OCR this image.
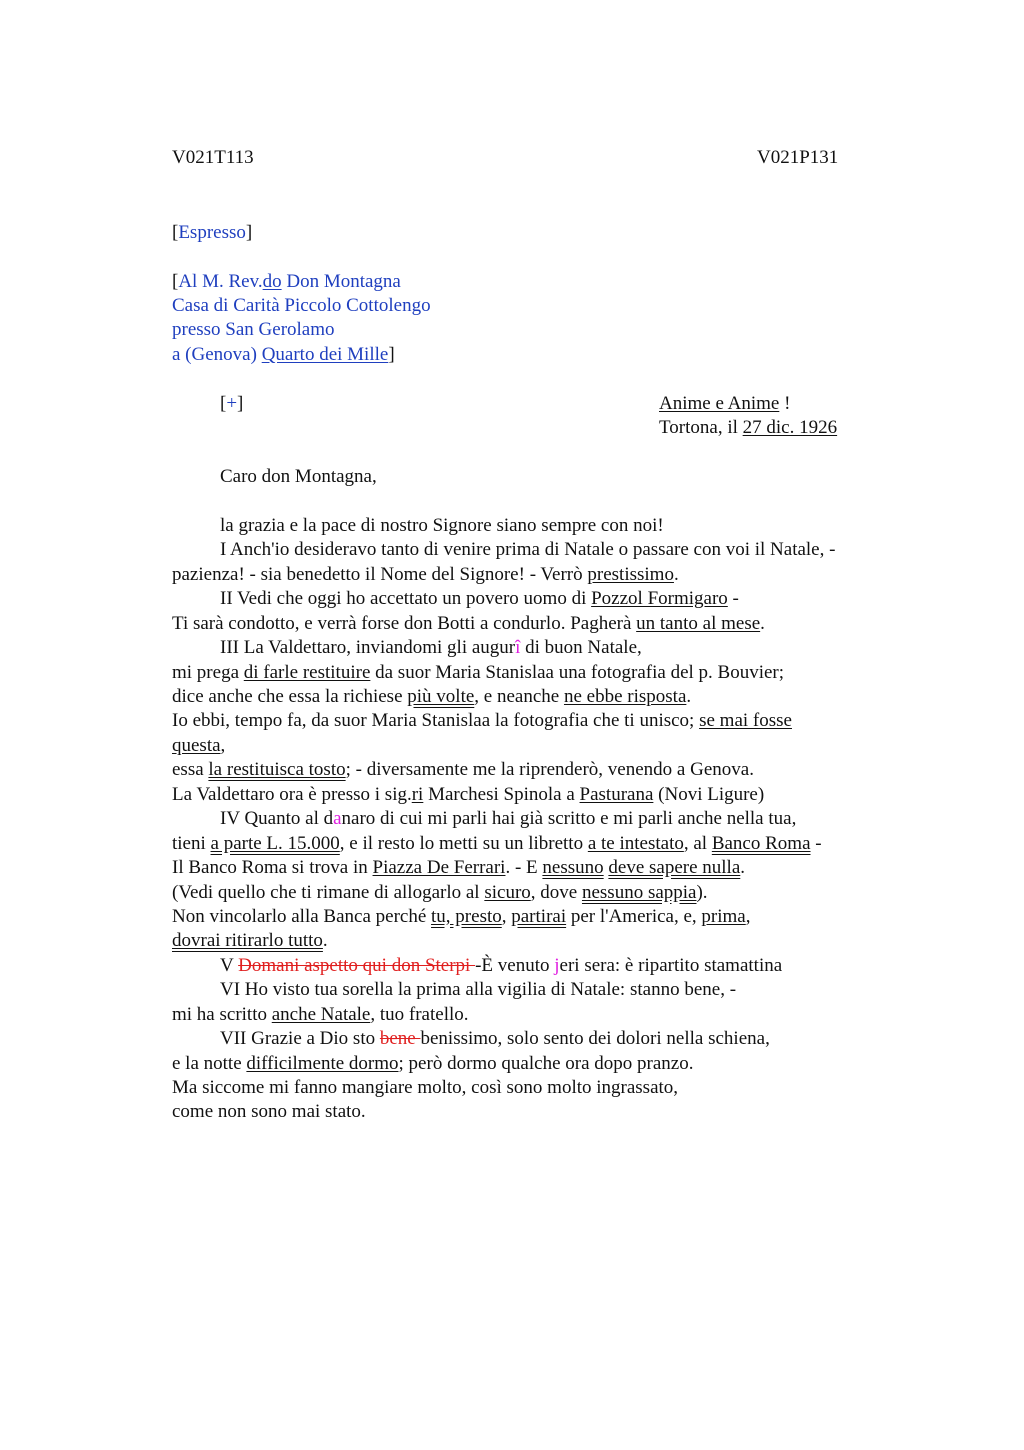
V021T113	V021P131
[Espresso]
[Al M. Rev.do Don Montagna
Casa di Carità Piccolo Cottolengo
presso San Gerolamo
a (Genova) Quarto dei Mille]
[+]	Anime e Anime !
Tortona, il 27 dic. 1926
Caro don Montagna,
la grazia e la pace di nostro Signore siano sempre con noi!
I Anch'io desideravo tanto di venire prima di Natale o passare con voi il Natale, -
pazienza! - sia benedetto il Nome del Signore! - Verrò prestissimo.
II Vedi che oggi ho accettato un povero uomo di Pozzol Formigaro -
Ti sarà condotto, e verrà forse don Botti a condurlo. Pagherà un tanto al mese.
III La Valdettaro, inviandomi gli augurî di buon Natale,
mi prega di farle restituire da suor Maria Stanislaa una fotografia del p. Bouvier;
dice anche che essa la richiese più volte, e neanche ne ebbe risposta.
Io ebbi, tempo fa, da suor Maria Stanislaa la fotografia che ti unisco; se mai fosse
questa,
essa la restituisca tosto; - diversamente me la riprenderò, venendo a Genova.
La Valdettaro ora è presso i sig.ri Marchesi Spinola a Pasturana (Novi Ligure)
IV Quanto al danaro di cui mi parli hai già scritto e mi parli anche nella tua,
tieni a parte L. 15.000, e il resto lo metti su un libretto a te intestato, al Banco Roma -
Il Banco Roma si trova in Piazza De Ferrari. - E nessuno deve sapere nulla.
(Vedi quello che ti rimane di allogarlo al sicuro, dove nessuno sappia).
Non vincolarlo alla Banca perché tu, presto, partirai per l'America, e, prima,
dovrai ritirarlo tutto.
V Domani aspetto qui don Sterpi -È venuto jeri sera: è ripartito stamattina
VI Ho visto tua sorella la prima alla vigilia di Natale: stanno bene, -
mi ha scritto anche Natale, tuo fratello.
VII Grazie a Dio sto bene benissimo, solo sento dei dolori nella schiena,
e la notte difficilmente dormo; però dormo qualche ora dopo pranzo.
Ma siccome mi fanno mangiare molto, così sono molto ingrassato,
come non sono mai stato.
